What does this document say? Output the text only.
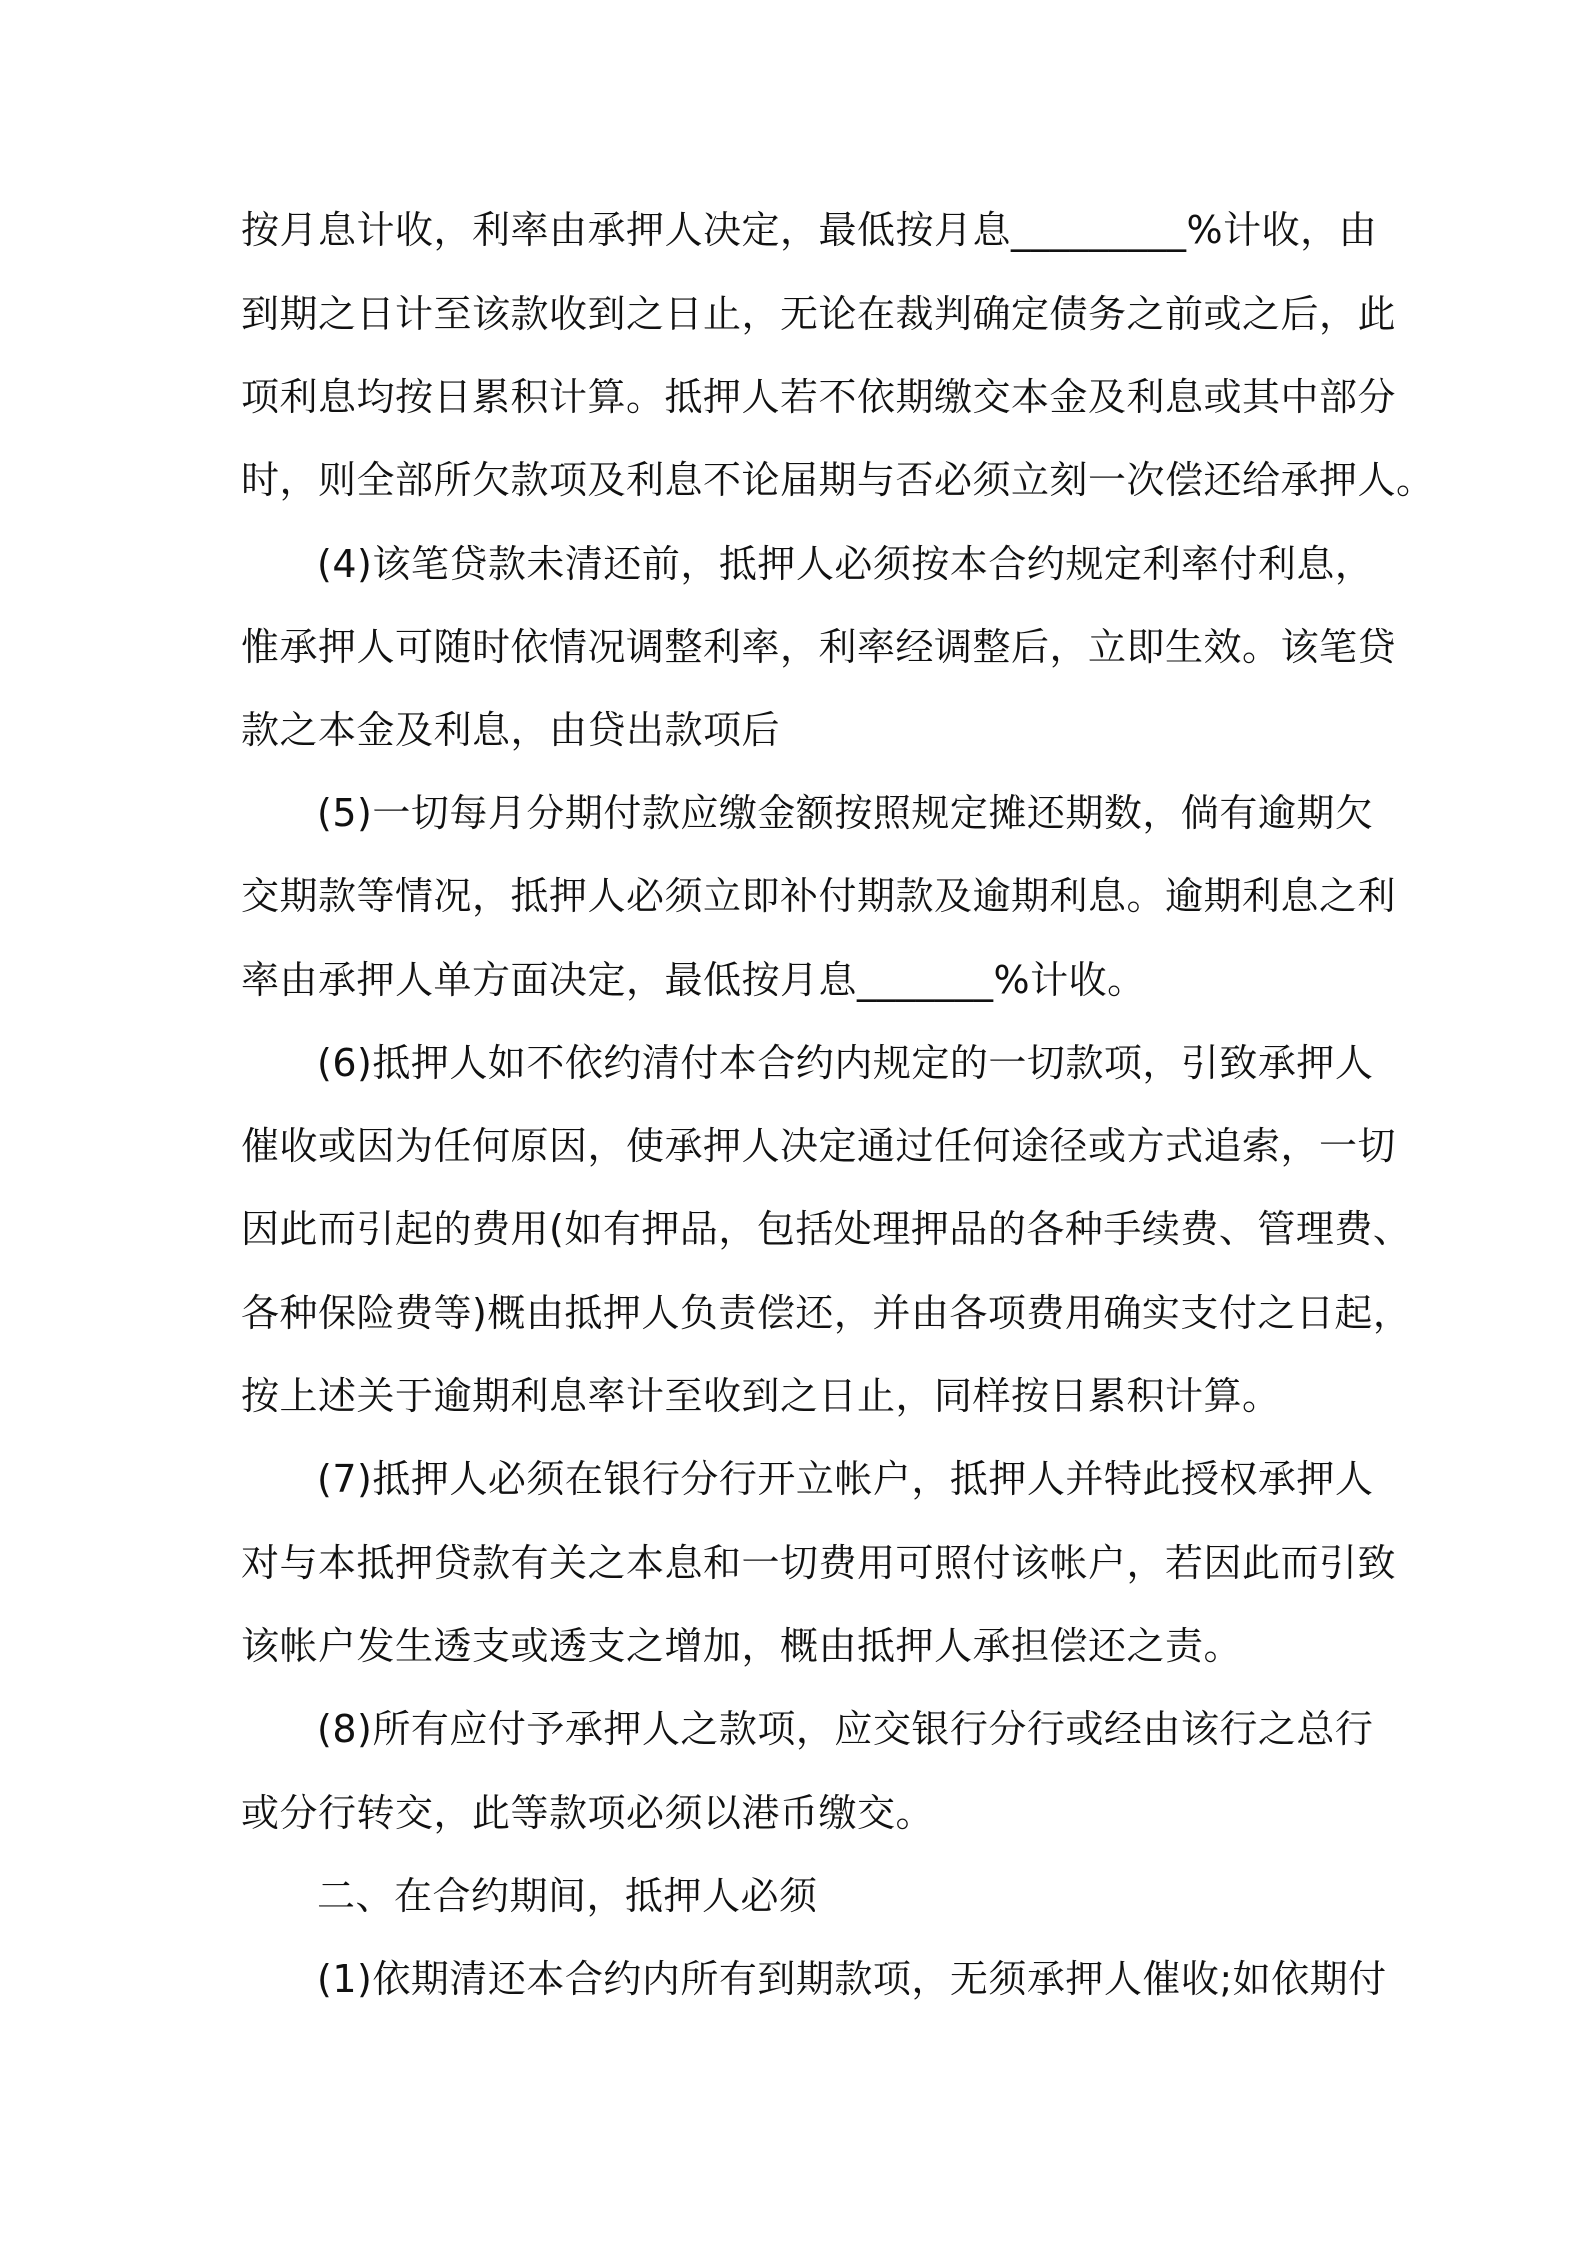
按月息计收，利率由承押人决定，最低按月息_________%计收，由
到期之日计至该款收到之日止，无论在裁判确定债务之前或之后，此
项利息均按日累积计算。抵押人若不依期缴交本金及利息或其中部分
时，则全部所欠款项及利息不论届期与否必须立刻一次偿还给承押人。
(4)该笔贷款未清还前，抵押人必须按本合约规定利率付利息，
惟承押人可随时依情况调整利率，利率经调整后，立即生效。该笔贷
款之本金及利息，由贷出款项后
(5)一切每月分期付款应缴金额按照规定摊还期数，倘有逾期欠
交期款等情况，抵押人必须立即补付期款及逾期利息。逾期利息之利
率由承押人单方面决定，最低按月息_______%计收。
(6)抵押人如不依约清付本合约内规定的一切款项，引致承押人
催收或因为任何原因，使承押人决定通过任何途径或方式追索，一切
因此而引起的费用(如有押品，包括处理押品的各种手续费、管理费、
各种保险费等)概由抵押人负责偿还，并由各项费用确实支付之日起，
按上述关于逾期利息率计至收到之日止，同样按日累积计算。
(7)抵押人必须在银行分行开立帐户，抵押人并特此授权承押人
对与本抵押贷款有关之本息和一切费用可照付该帐户，若因此而引致
该帐户发生透支或透支之增加，概由抵押人承担偿还之责。
(8)所有应付予承押人之款项，应交银行分行或经由该行之总行
或分行转交，此等款项必须以港币缴交。
二、在合约期间，抵押人必须
(1)依期清还本合约内所有到期款项，无须承押人催收;如依期付
